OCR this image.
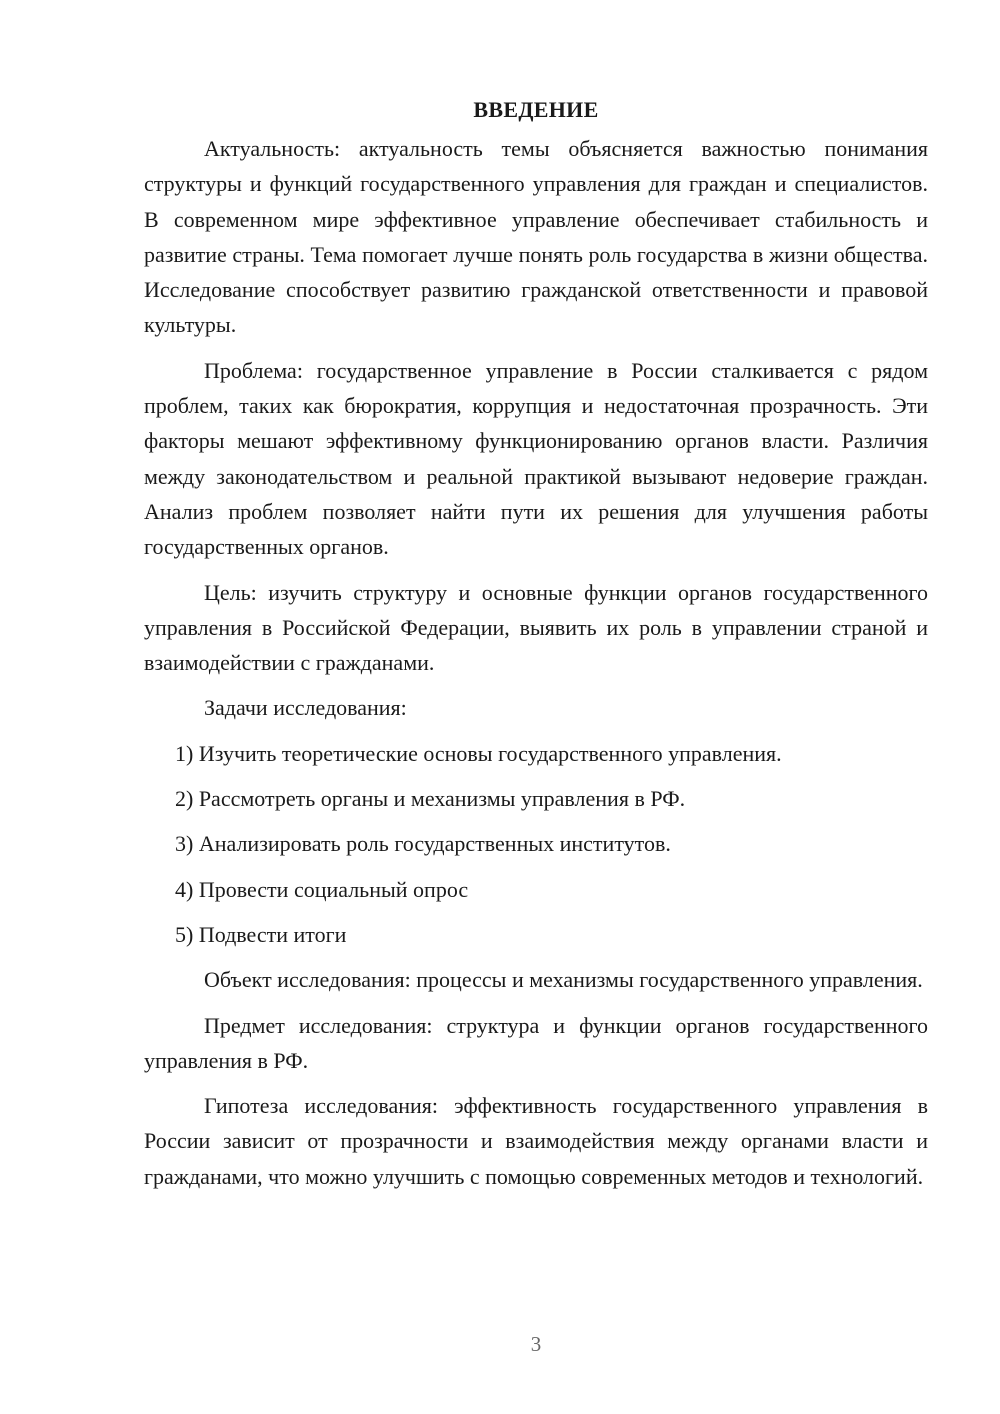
ВВЕДЕНИЕ

Актуальность: актуальность темы объясняется важностью понимания структуры и функций государственного управления для граждан и специалистов. В современном мире эффективное управление обеспечивает стабильность и развитие страны. Тема помогает лучше понять роль государства в жизни общества. Исследование способствует развитию гражданской ответственности и правовой культуры.

Проблема: государственное управление в России сталкивается с рядом проблем, таких как бюрократия, коррупция и недостаточная прозрачность. Эти факторы мешают эффективному функционированию органов власти. Различия между законодательством и реальной практикой вызывают недоверие граждан. Анализ проблем позволяет найти пути их решения для улучшения работы государственных органов.

Цель: изучить структуру и основные функции органов государственного управления в Российской Федерации, выявить их роль в управлении страной и взаимодействии с гражданами.

Задачи исследования:
1) Изучить теоретические основы государственного управления.
2) Рассмотреть органы и механизмы управления в РФ.
3) Анализировать роль государственных институтов.
4) Провести социальный опрос
5) Подвести итоги

Объект исследования: процессы и механизмы государственного управления.

Предмет исследования: структура и функции органов государственного управления в РФ.

Гипотеза исследования: эффективность государственного управления в России зависит от прозрачности и взаимодействия между органами власти и гражданами, что можно улучшить с помощью современных методов и технологий.

3
